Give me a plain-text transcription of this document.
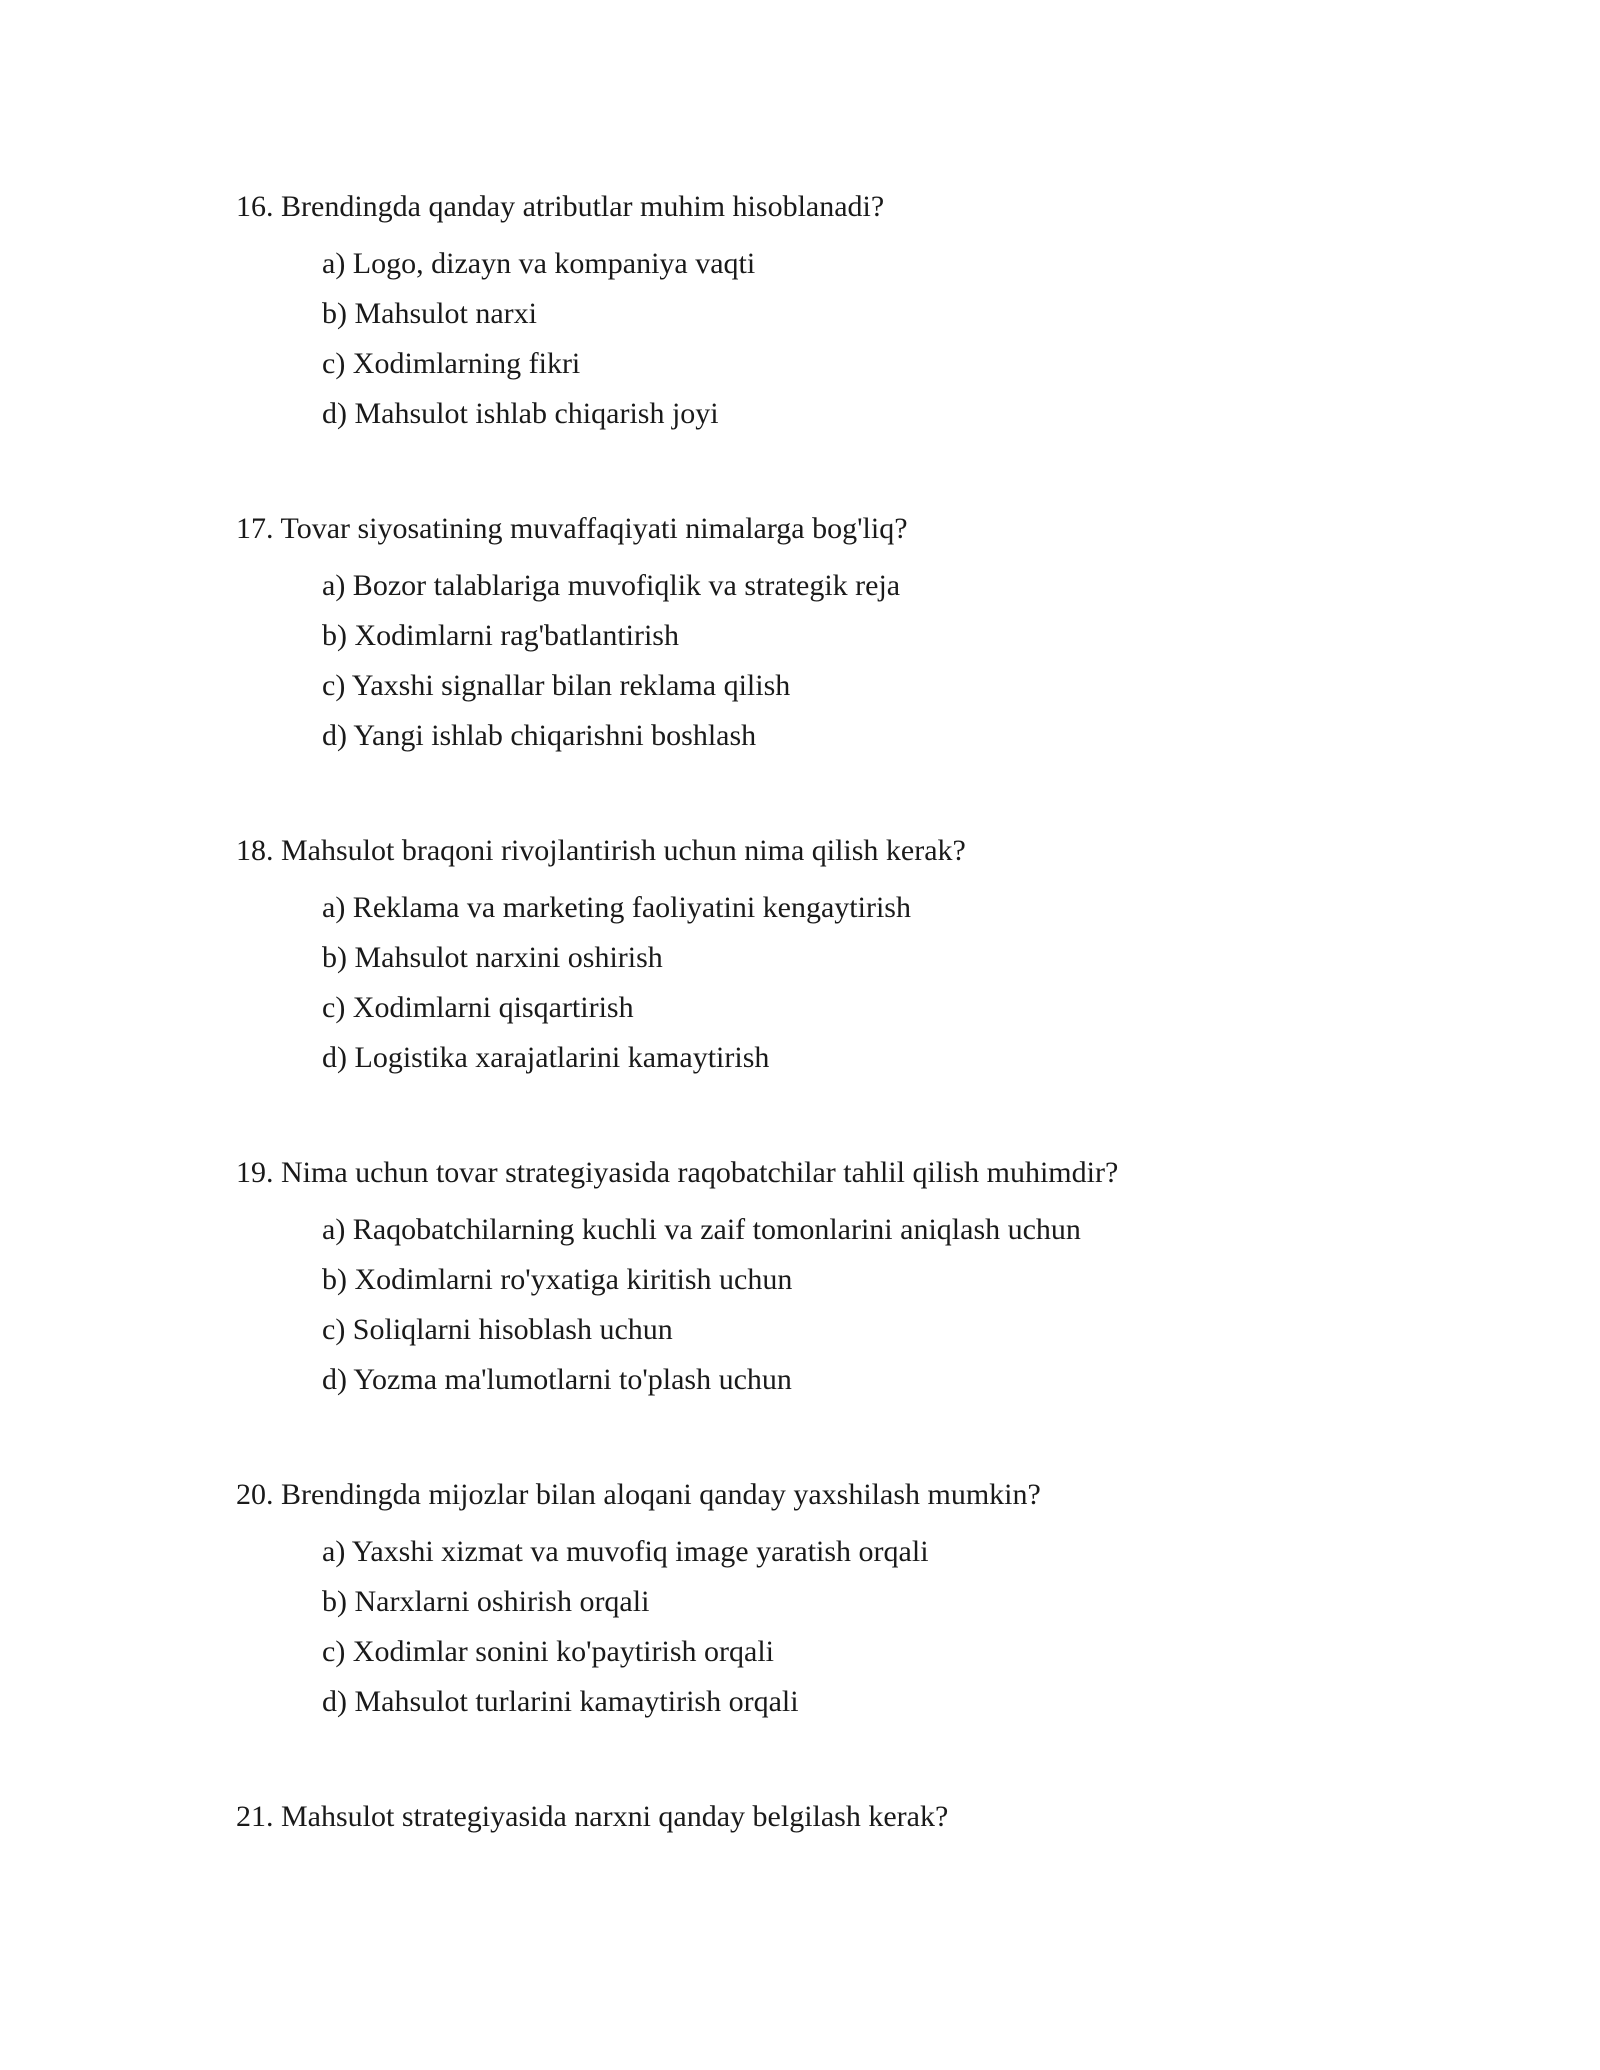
16. Brendingda qanday atributlar muhim hisoblanadi?

a) Logo, dizayn va kompaniya vaqti
b) Mahsulot narxi
c) Xodimlarning fikri
d) Mahsulot ishlab chiqarish joyi

17. Tovar siyosatining muvaffaqiyati nimalarga bog'liq?

a) Bozor talablariga muvofiqlik va strategik reja
b) Xodimlarni rag'batlantirish
c) Yaxshi signallar bilan reklama qilish
d) Yangi ishlab chiqarishni boshlash

18. Mahsulot braqoni rivojlantirish uchun nima qilish kerak?

a) Reklama va marketing faoliyatini kengaytirish
b) Mahsulot narxini oshirish
c) Xodimlarni qisqartirish
d) Logistika xarajatlarini kamaytirish

19. Nima uchun tovar strategiyasida raqobatchilar tahlil qilish muhimdir?

a) Raqobatchilarning kuchli va zaif tomonlarini aniqlash uchun
b) Xodimlarni ro'yxatiga kiritish uchun
c) Soliqlarni hisoblash uchun
d) Yozma ma'lumotlarni to'plash uchun

20. Brendingda mijozlar bilan aloqani qanday yaxshilash mumkin?

a) Yaxshi xizmat va muvofiq image yaratish orqali
b) Narxlarni oshirish orqali
c) Xodimlar sonini ko'paytirish orqali
d) Mahsulot turlarini kamaytirish orqali

21. Mahsulot strategiyasida narxni qanday belgilash kerak?
